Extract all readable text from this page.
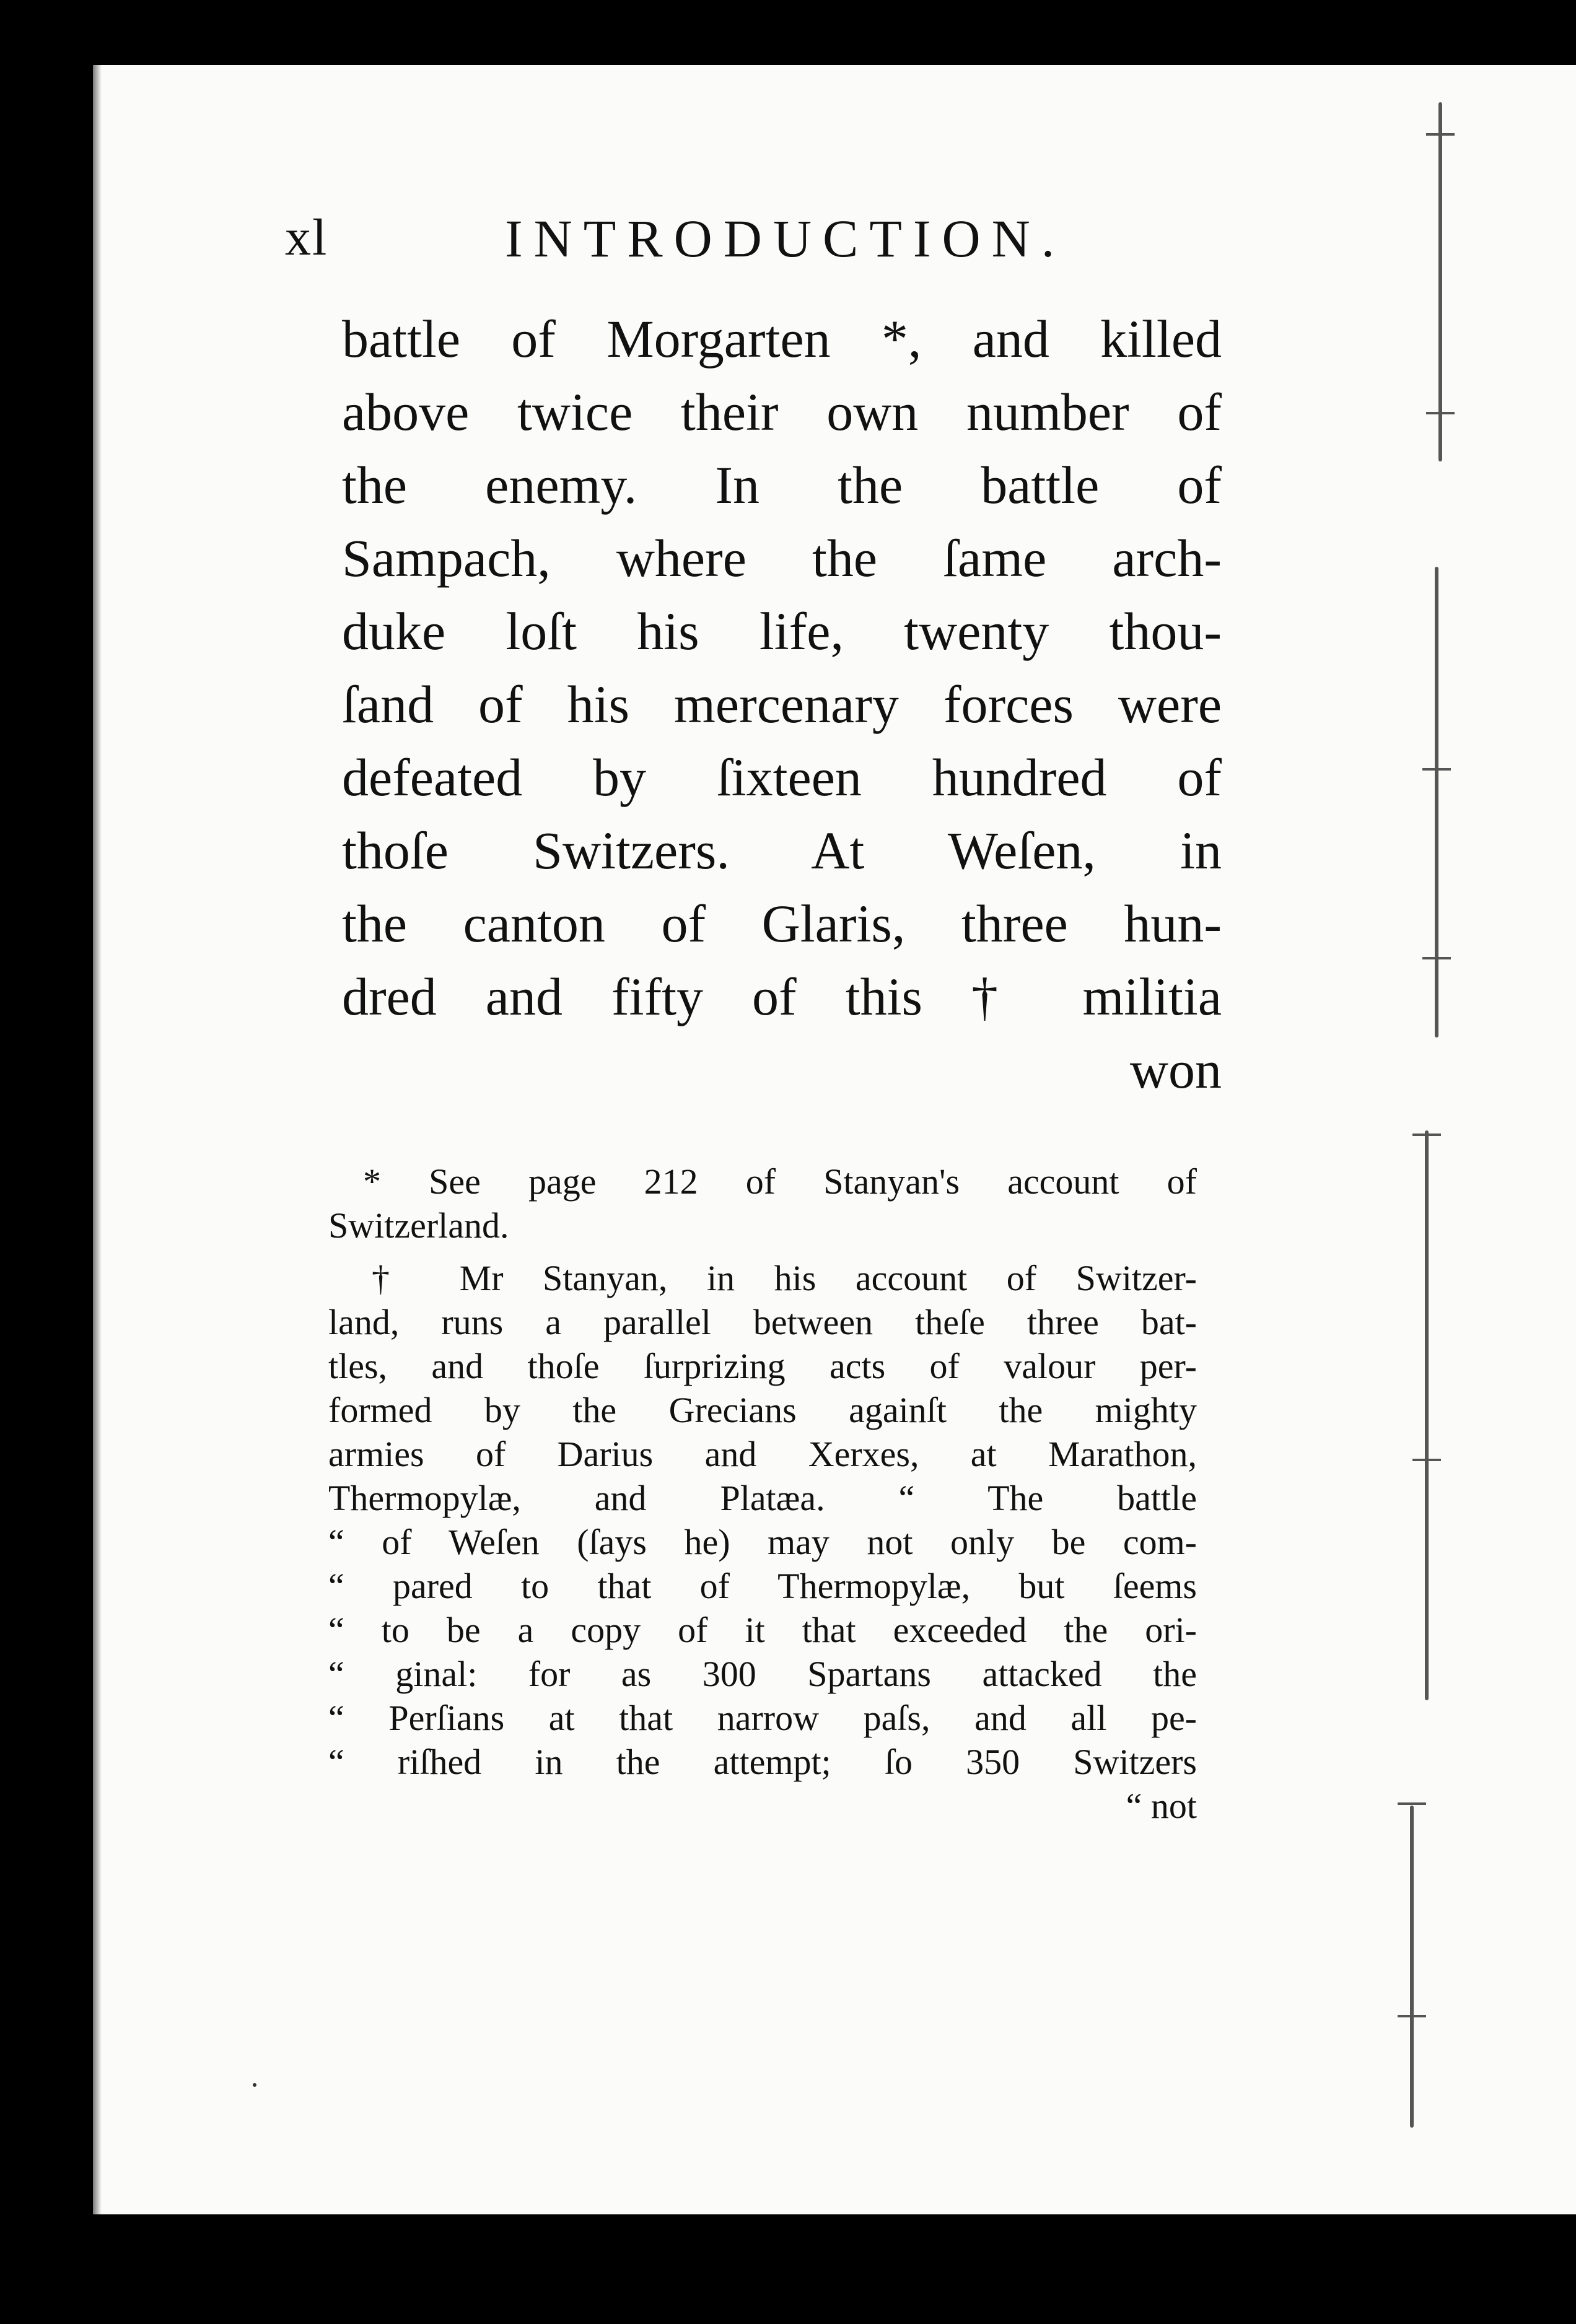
xl	INTRODUCTION.
battle of Morgarten *, and killed
above twice their own number of
the enemy. In the battle of
Sampach, where the ſame arch-
duke loſt his life, twenty thou-
ſand of his mercenary forces were
defeated by ſixteen hundred of
thoſe Switzers. At Weſen, in
the canton of Glaris, three hun-
dred and fifty of this † militia
won
* See page 212 of Stanyan's account of
Switzerland.
† Mr Stanyan, in his account of Switzer-
land, runs a parallel between theſe three bat-
tles, and thoſe ſurprizing acts of valour per-
formed by the Grecians againſt the mighty
armies of Darius and Xerxes, at Marathon,
Thermopylæ, and Platæa. “ The battle
“ of Weſen (ſays he) may not only be com-
“ pared to that of Thermopylæ, but ſeems
“ to be a copy of it that exceeded the ori-
“ ginal: for as 300 Spartans attacked the
“ Perſians at that narrow paſs, and all pe-
“ riſhed in the attempt; ſo 350 Switzers
“ not
